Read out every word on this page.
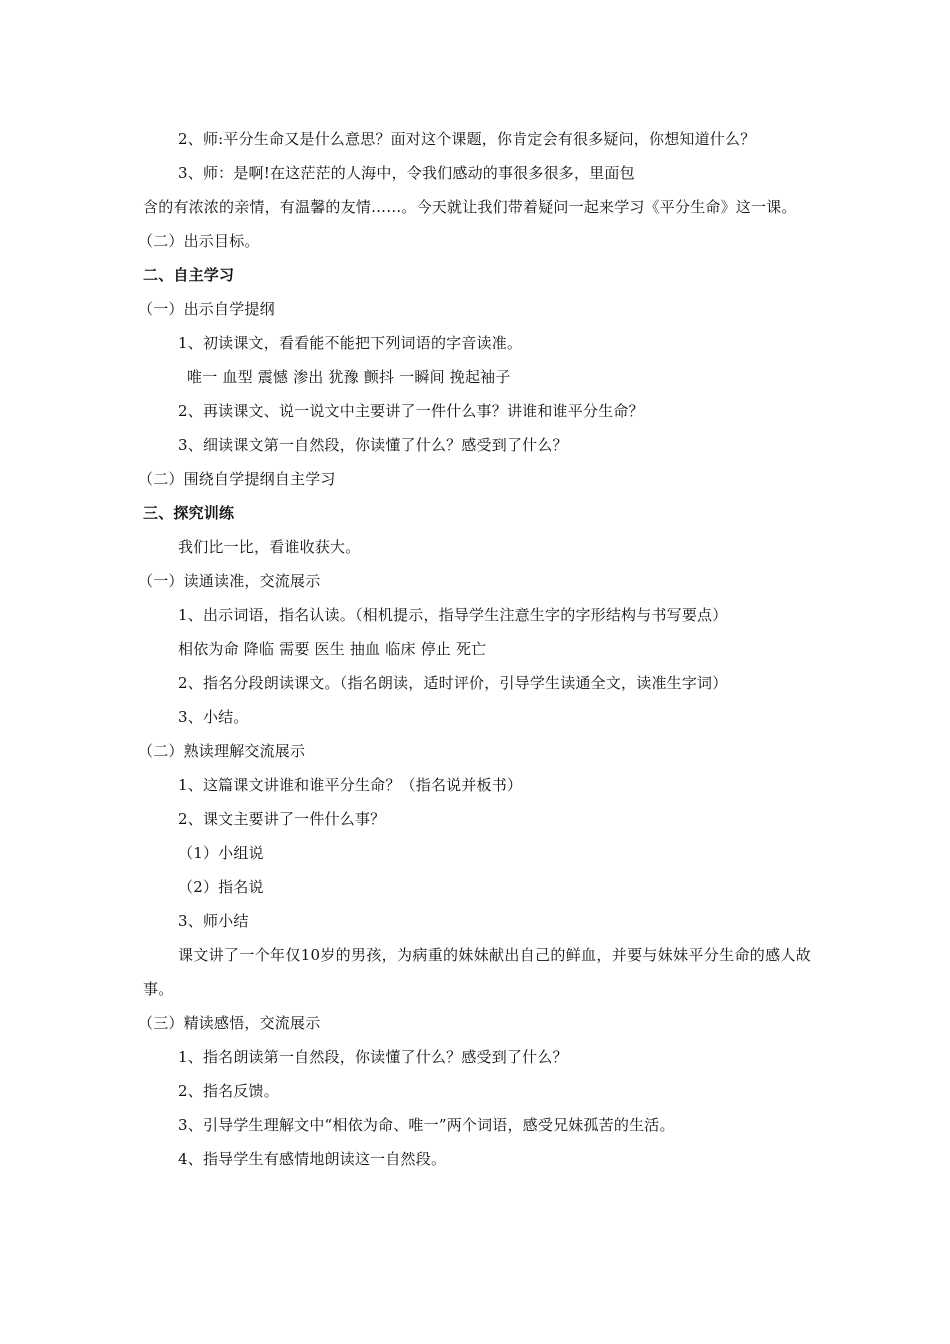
2、师:平分生命又是什么意思？面对这个课题，你肯定会有很多疑问，你想知道什么？
3、师：是啊!在这茫茫的人海中，令我们感动的事很多很多，里面包
含的有浓浓的亲情，有温馨的友情……。今天就让我们带着疑问一起来学习《平分生命》这一课。
（二）出示目标。
二、自主学习
（一）出示自学提纲
1、初读课文，看看能不能把下列词语的字音读准。
唯一 血型 震憾 渗出 犹豫 颤抖 一瞬间 挽起袖子
2、再读课文、说一说文中主要讲了一件什么事？讲谁和谁平分生命？
3、细读课文第一自然段，你读懂了什么？感受到了什么？
（二）围绕自学提纲自主学习
三、探究训练
我们比一比，看谁收获大。
（一）读通读准，交流展示
1、出示词语，指名认读。（相机提示，指导学生注意生字的字形结构与书写要点）
相依为命 降临 需要 医生 抽血 临床 停止 死亡
2、指名分段朗读课文。（指名朗读，适时评价，引导学生读通全文，读准生字词）
3、小结。
（二）熟读理解交流展示
1、这篇课文讲谁和谁平分生命？（指名说并板书）
2、课文主要讲了一件什么事？
（1）小组说
（2）指名说
3、师小结
课文讲了一个年仅10岁的男孩，为病重的妹妹献出自己的鲜血，并要与妹妹平分生命的感人故事。
（三）精读感悟，交流展示
1、指名朗读第一自然段，你读懂了什么？感受到了什么？
2、指名反馈。
3、引导学生理解文中“相依为命、唯一”两个词语，感受兄妹孤苦的生活。
4、指导学生有感情地朗读这一自然段。
